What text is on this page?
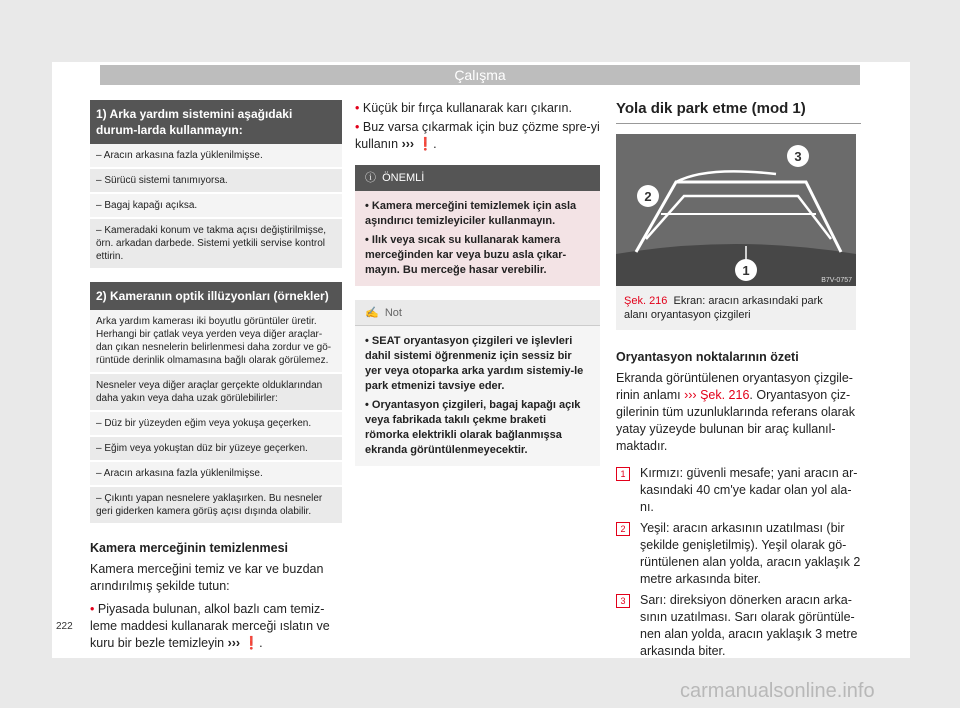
Çalışma
1) Arka yardım sistemini aşağıdaki durum-larda kullanmayın:
– Aracın arkasına fazla yüklenilmişse.
– Sürücü sistemi tanımıyorsa.
– Bagaj kapağı açıksa.
– Kameradaki konum ve takma açısı değiştirilmişse, örn. arkadan darbede. Sistemi yetkili servise kontrol ettirin.
2) Kameranın optik illüzyonları (örnekler)
Arka yardım kamerası iki boyutlu görüntüler üretir. Herhangi bir çatlak veya yerden veya diğer araçlar-dan çıkan nesnelerin belirlenmesi daha zordur ve gö-rüntüde derinlik olmamasına bağlı olarak görülemez.
Nesneler veya diğer araçlar gerçekte olduklarından daha yakın veya daha uzak görülebilirler:
– Düz bir yüzeyden eğim veya yokuşa geçerken.
– Eğim veya yokuştan düz bir yüzeye geçerken.
– Aracın arkasına fazla yüklenilmişse.
– Çıkıntı yapan nesnelere yaklaşırken. Bu nesneler geri giderken kamera görüş açısı dışında olabilir.
Kamera merceğinin temizlenmesi

Kamera merceğini temiz ve kar ve buzdan arındırılmış şekilde tutun:

• Piyasada bulunan, alkol bazlı cam temiz-leme maddesi kullanarak merceği ıslatın ve kuru bir bezle temizleyin ››› ❗.
• Küçük bir fırça kullanarak karı çıkarın.
• Buz varsa çıkarmak için buz çözme spre-yi kullanın ››› ❗.
ⓘ ÖNEMLİ
• Kamera merceğini temizlemek için asla aşındırıcı temizleyiciler kullanmayın.
• Ilık veya sıcak su kullanarak kamera merceğinden kar veya buzu asla çıkar-mayın. Bu merceğe hasar verebilir.
✍ Not
• SEAT oryantasyon çizgileri ve işlevleri dahil sistemi öğrenmeniz için sessiz bir yer veya otoparka arka yardım sistemiy-le park etmenizi tavsiye eder.
• Oryantasyon çizgileri, bagaj kapağı açık veya fabrikada takılı çekme braketi römorka elektrikli olarak bağlanmışsa ekranda görüntülenmeyecektir.
Yola dik park etme (mod 1)
1
2
3
B7V-0757
Şek. 216 Ekran: aracın arkasındaki park alanı oryantasyon çizgileri
Oryantasyon noktalarının özeti

Ekranda görüntülenen oryantasyon çizgile-rinin anlamı ››› Şek. 216. Oryantasyon çiz-gilerinin tüm uzunluklarında referans olarak yatay yüzeyde bulunan bir araç kullanıl-maktadır.

1	Kırmızı: güvenli mesafe; yani aracın ar-kasındaki 40 cm'ye kadar olan yol ala-nı.
2	Yeşil: aracın arkasının uzatılması (bir şekilde genişletilmiş). Yeşil olarak gö-rüntülenen alan yolda, aracın yaklaşık 2 metre arkasında biter.
3	Sarı: direksiyon dönerken aracın arka-sının uzatılması. Sarı olarak görüntüle-nen alan yolda, aracın yaklaşık 3 metre arkasında biter.
222
carmanualsonline.info
